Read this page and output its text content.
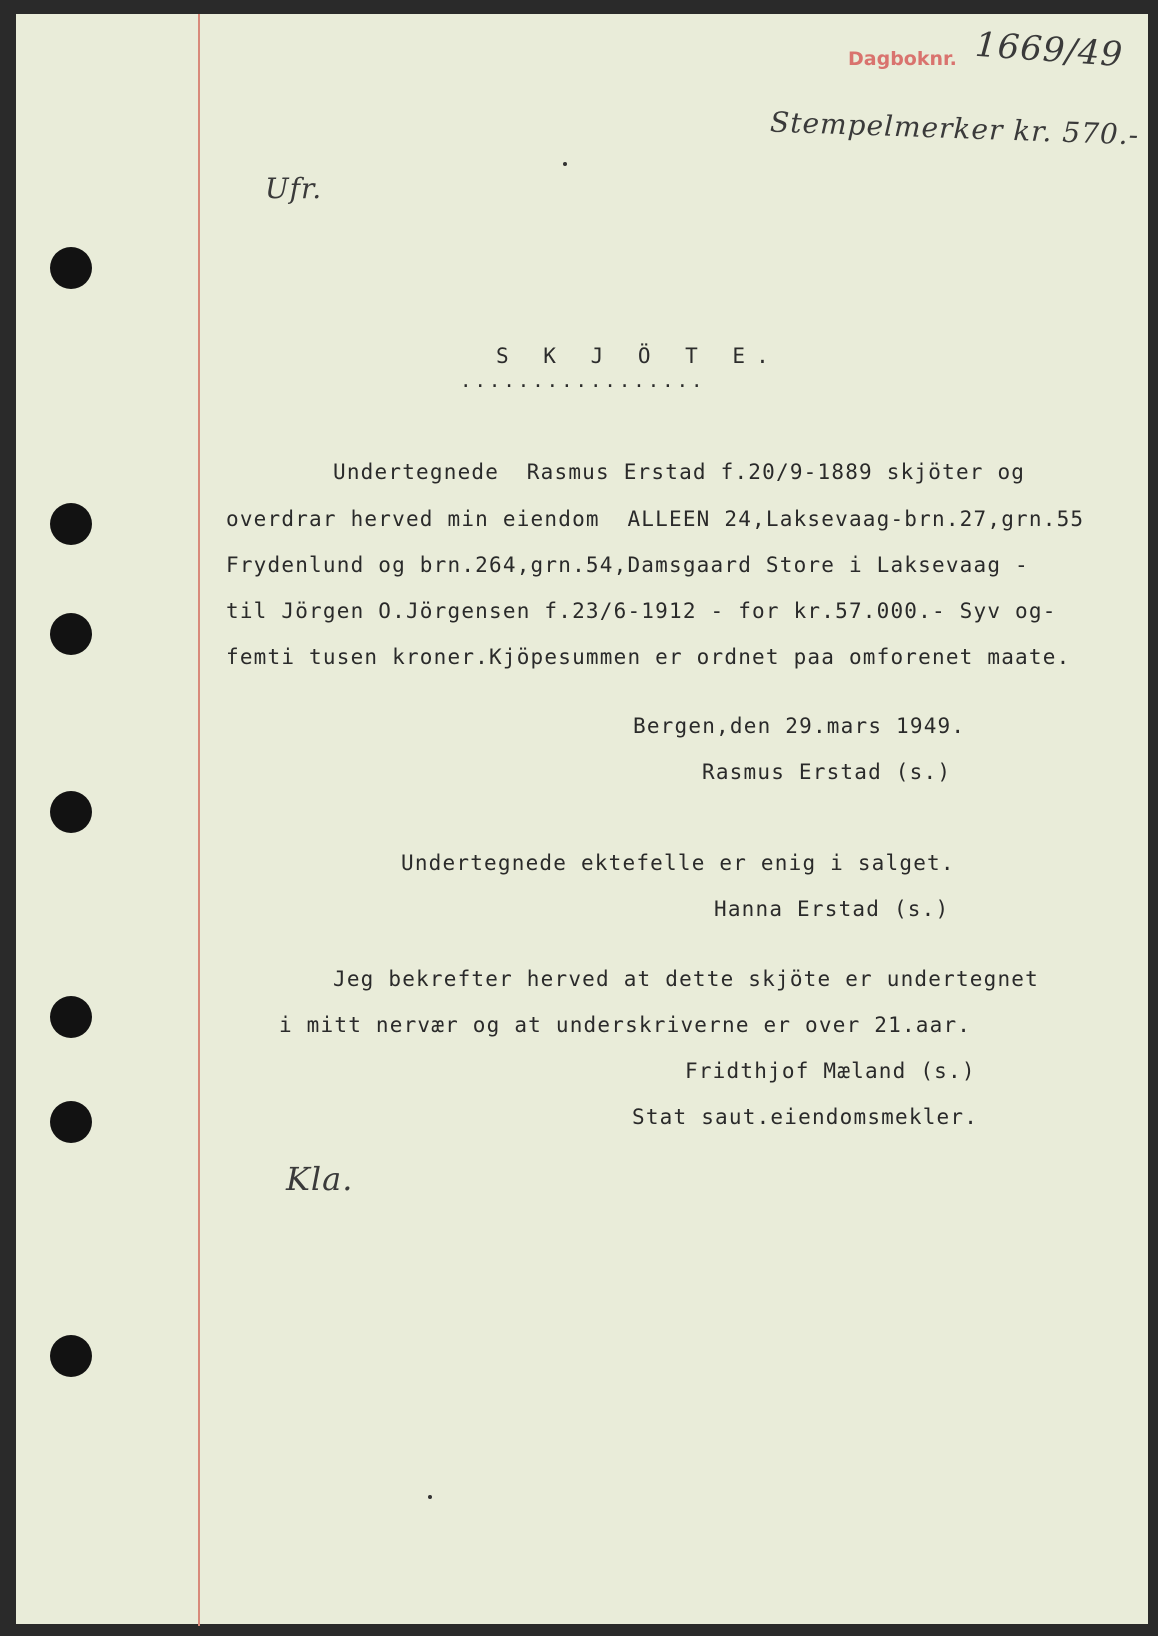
Dagboknr. 1669/49
Stempelmerker kr. 570.-
Ufr.
Kla.
S K J Ö T E.
.................
Undertegnede  Rasmus Erstad f.20/9-1889 skjöter og
overdrar herved min eiendom  ALLEEN 24,Laksevaag-brn.27,grn.55
Frydenlund og brn.264,grn.54,Damsgaard Store i Laksevaag -
til Jörgen O.Jörgensen f.23/6-1912 - for kr.57.000.- Syv og-
femti tusen kroner.Kjöpesummen er ordnet paa omforenet maate.
Bergen,den 29.mars 1949.
Rasmus Erstad (s.)
Undertegnede ektefelle er enig i salget.
Hanna Erstad (s.)
Jeg bekrefter herved at dette skjöte er undertegnet
i mitt nervær og at underskriverne er over 21.aar.
Fridthjof Mæland (s.)
Stat saut.eiendomsmekler.
